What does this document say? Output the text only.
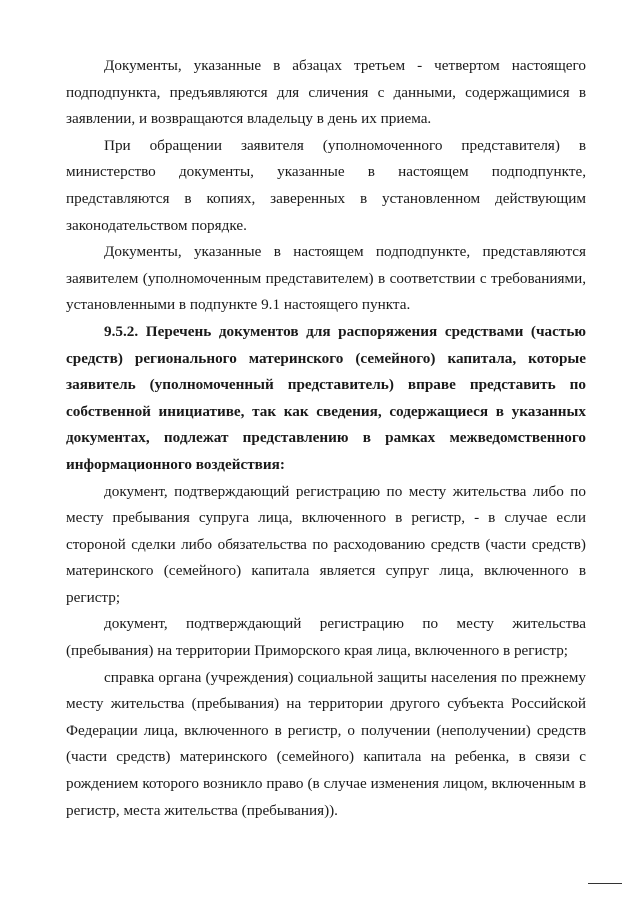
Документы, указанные в абзацах третьем - четвертом настоящего подподпункта, предъявляются для сличения с данными, содержащимися в заявлении, и возвращаются владельцу в день их приема.

При обращении заявителя (уполномоченного представителя) в министерство документы, указанные в настоящем подподпункте, представляются в копиях, заверенных в установленном действующим законодательством порядке.

Документы, указанные в настоящем подподпункте, представляются заявителем (уполномоченным представителем) в соответствии с требованиями, установленными в подпункте 9.1 настоящего пункта.

9.5.2. Перечень документов для распоряжения средствами (частью средств) регионального материнского (семейного) капитала, которые заявитель (уполномоченный представитель) вправе представить по собственной инициативе, так как сведения, содержащиеся в указанных документах, подлежат представлению в рамках межведомственного информационного воздействия:

документ, подтверждающий регистрацию по месту жительства либо по месту пребывания супруга лица, включенного в регистр, - в случае если стороной сделки либо обязательства по расходованию средств (части средств) материнского (семейного) капитала является супруг лица, включенного в регистр;

документ, подтверждающий регистрацию по месту жительства (пребывания) на территории Приморского края лица, включенного в регистр;

справка органа (учреждения) социальной защиты населения по прежнему месту жительства (пребывания) на территории другого субъекта Российской Федерации лица, включенного в регистр, о получении (неполучении) средств (части средств) материнского (семейного) капитала на ребенка, в связи с рождением которого возникло право (в случае изменения лицом, включенным в регистр, места жительства (пребывания)).
